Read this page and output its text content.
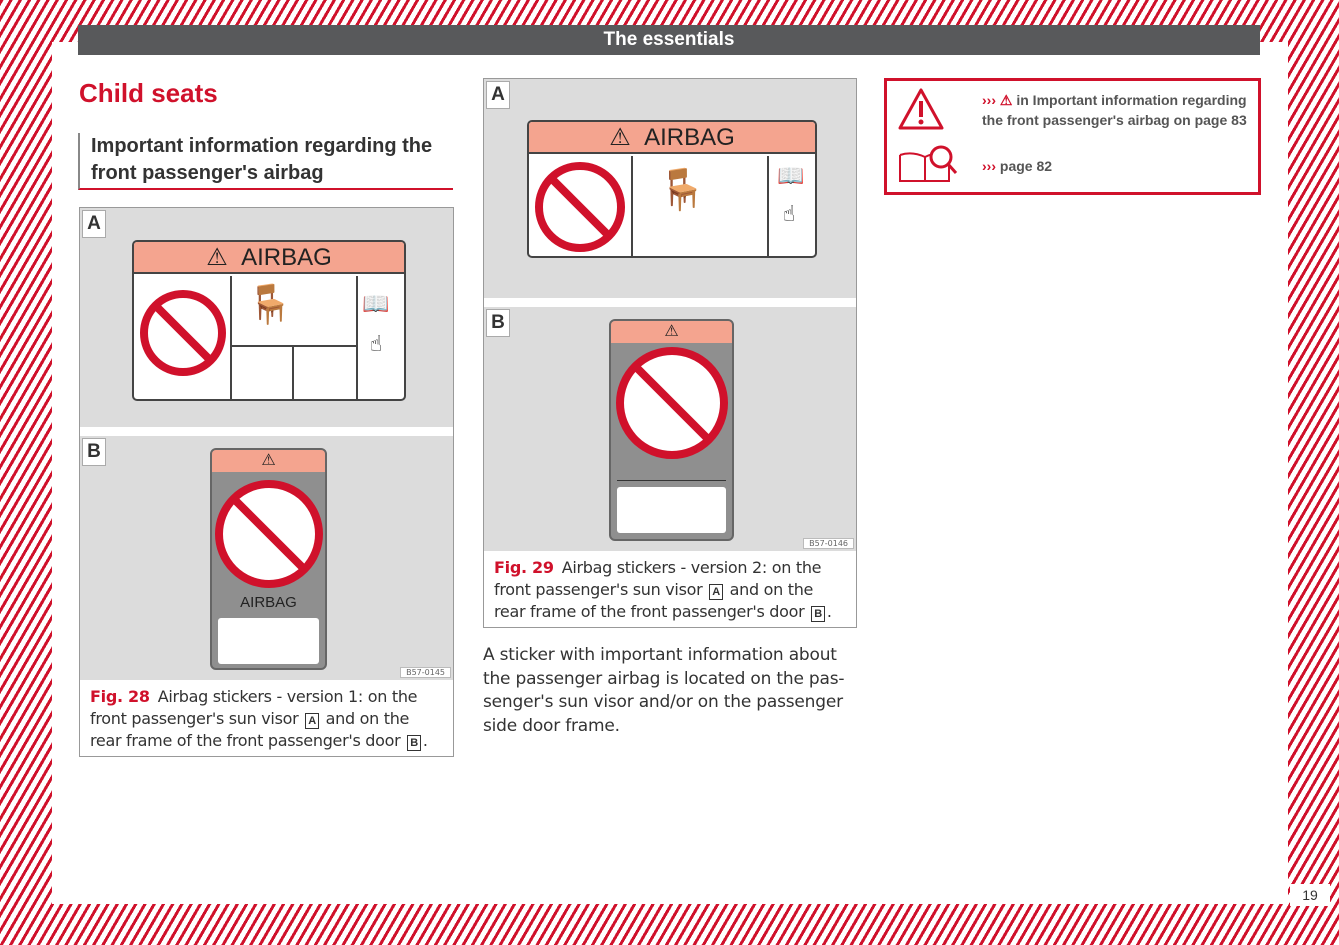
The essentials
Child seats
Important information regarding the front passenger's airbag
A
⚠ AIRBAG
🪑	📖
☝
B	⚠
AIRBAG
B57-0145
Fig. 28 Airbag stickers - version 1: on the front passenger's sun visor A and on the rear frame of the front passenger's door B .
A
⚠ AIRBAG
🪑	📖
☝
B	⚠
B57-0146
Fig. 29 Airbag stickers - version 2: on the front passenger's sun visor A and on the rear frame of the front passenger's door B .
A sticker with important information about the passenger airbag is located on the pas-senger's sun visor and/or on the passenger side door frame.
››› ⚠ in Important information regarding the front passenger's airbag on page 83
››› page 82
19
